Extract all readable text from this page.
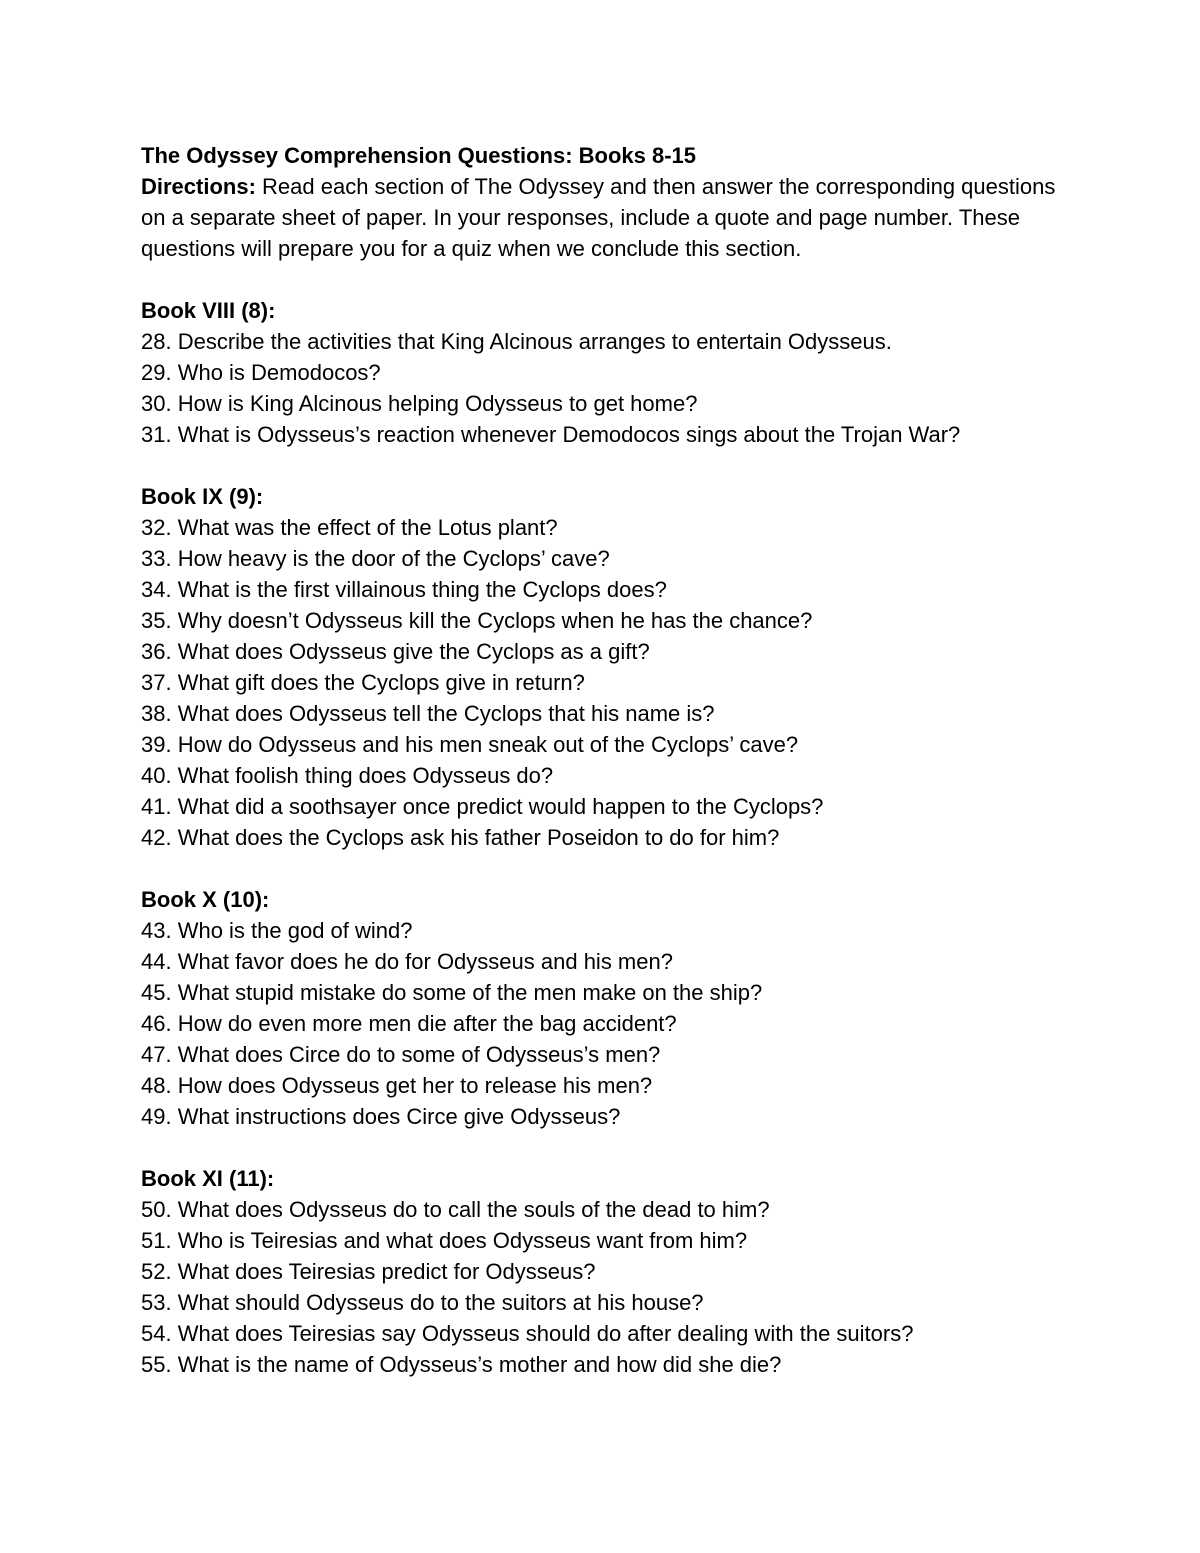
The Odyssey Comprehension Questions: Books 8-15

Directions: Read each section of The Odyssey and then answer the corresponding questions on a separate sheet of paper. In your responses, include a quote and page number. These questions will prepare you for a quiz when we conclude this section.

Book VIII (8):

28. Describe the activities that King Alcinous arranges to entertain Odysseus.
29. Who is Demodocos?
30. How is King Alcinous helping Odysseus to get home?
31. What is Odysseus’s reaction whenever Demodocos sings about the Trojan War?

Book IX (9):

32. What was the effect of the Lotus plant?
33. How heavy is the door of the Cyclops’ cave?
34. What is the first villainous thing the Cyclops does?
35. Why doesn’t Odysseus kill the Cyclops when he has the chance?
36. What does Odysseus give the Cyclops as a gift?
37. What gift does the Cyclops give in return?
38. What does Odysseus tell the Cyclops that his name is?
39. How do Odysseus and his men sneak out of the Cyclops’ cave?
40. What foolish thing does Odysseus do?
41. What did a soothsayer once predict would happen to the Cyclops?
42. What does the Cyclops ask his father Poseidon to do for him?

Book X (10):

43. Who is the god of wind?
44. What favor does he do for Odysseus and his men?
45. What stupid mistake do some of the men make on the ship?
46. How do even more men die after the bag accident?
47. What does Circe do to some of Odysseus’s men?
48. How does Odysseus get her to release his men?
49. What instructions does Circe give Odysseus?

Book XI (11):

50. What does Odysseus do to call the souls of the dead to him?
51. Who is Teiresias and what does Odysseus want from him?
52. What does Teiresias predict for Odysseus?
53. What should Odysseus do to the suitors at his house?
54. What does Teiresias say Odysseus should do after dealing with the suitors?
55. What is the name of Odysseus’s mother and how did she die?
